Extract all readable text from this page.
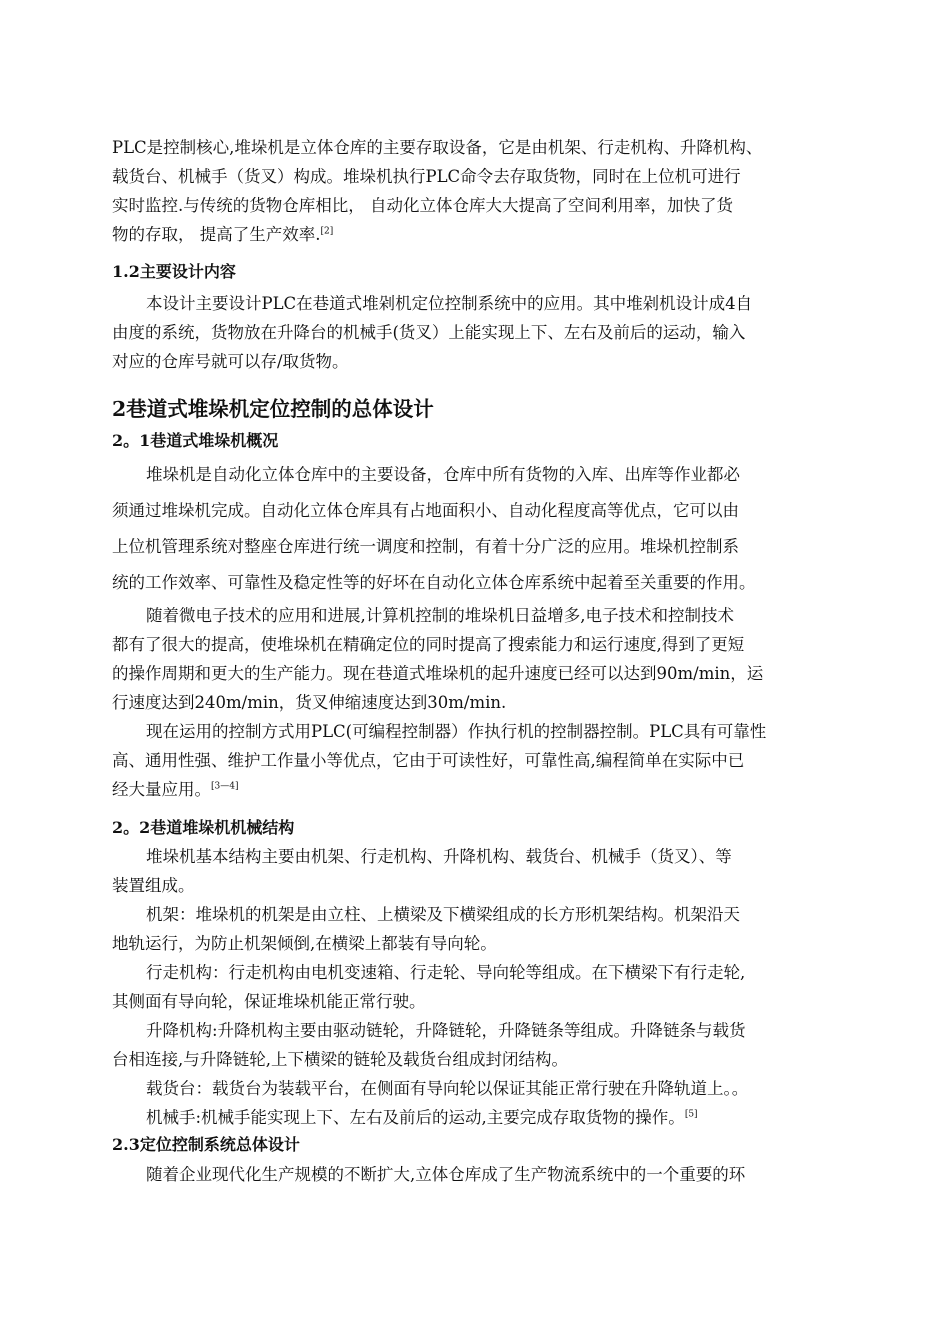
PLC是控制核心,堆垛机是立体仓库的主要存取设备，它是由机架、行走机构、升降机构、
载货台、机械手（货叉）构成。堆垛机执行PLC命令去存取货物，同时在上位机可进行
实时监控.与传统的货物仓库相比， 自动化立体仓库大大提高了空间利用率，加快了货
物的存取， 提高了生产效率.[2]
1.2主要设计内容
本设计主要设计PLC在巷道式堆剁机定位控制系统中的应用。其中堆剁机设计成4自
由度的系统，货物放在升降台的机械手(货叉）上能实现上下、左右及前后的运动，输入
对应的仓库号就可以存/取货物。
2巷道式堆垛机定位控制的总体设计
2。1巷道式堆垛机概况
堆垛机是自动化立体仓库中的主要设备，仓库中所有货物的入库、出库等作业都必
须通过堆垛机完成。自动化立体仓库具有占地面积小、自动化程度高等优点，它可以由
上位机管理系统对整座仓库进行统一调度和控制，有着十分广泛的应用。堆垛机控制系
统的工作效率、可靠性及稳定性等的好坏在自动化立体仓库系统中起着至关重要的作用。
随着微电子技术的应用和进展,计算机控制的堆垛机日益增多,电子技术和控制技术
都有了很大的提高，使堆垛机在精确定位的同时提高了搜索能力和运行速度,得到了更短
的操作周期和更大的生产能力。现在巷道式堆垛机的起升速度已经可以达到90m/min，运
行速度达到240m/min，货叉伸缩速度达到30m/min.
现在运用的控制方式用PLC(可编程控制器）作执行机的控制器控制。PLC具有可靠性
高、通用性强、维护工作量小等优点，它由于可读性好，可靠性高,编程简单在实际中已
经大量应用。[3—4]
2。2巷道堆垛机机械结构
堆垛机基本结构主要由机架、行走机构、升降机构、载货台、机械手（货叉）、等
装置组成。
机架：堆垛机的机架是由立柱、上横梁及下横梁组成的长方形机架结构。机架沿天
地轨运行，为防止机架倾倒,在横梁上都装有导向轮。
行走机构：行走机构由电机变速箱、行走轮、导向轮等组成。在下横梁下有行走轮,
其侧面有导向轮，保证堆垛机能正常行驶。
升降机构:升降机构主要由驱动链轮，升降链轮，升降链条等组成。升降链条与载货
台相连接,与升降链轮,上下横梁的链轮及载货台组成封闭结构。
载货台：载货台为装载平台，在侧面有导向轮以保证其能正常行驶在升降轨道上。。
机械手:机械手能实现上下、左右及前后的运动,主要完成存取货物的操作。[5]
2.3定位控制系统总体设计
随着企业现代化生产规模的不断扩大,立体仓库成了生产物流系统中的一个重要的环
